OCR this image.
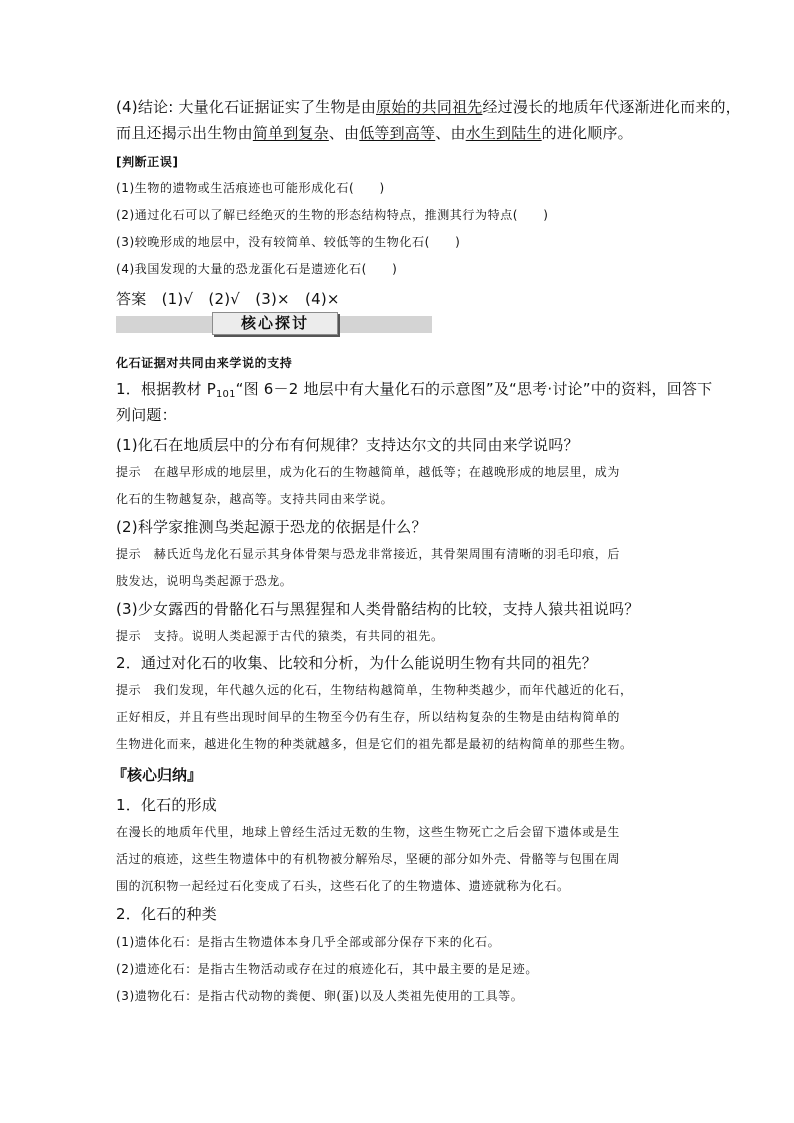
(4)结论: 大量化石证据证实了生物是由原始的共同祖先经过漫长的地质年代逐渐进化而来的，
而且还揭示出生物由简单到复杂、由低等到高等、由水生到陆生的进化顺序。
[判断正误]
(1)生物的遗物或生活痕迹也可能形成化石(　　)
(2)通过化石可以了解已经绝灭的生物的形态结构特点，推测其行为特点(　　)
(3)较晚形成的地层中，没有较简单、较低等的生物化石(　　)
(4)我国发现的大量的恐龙蛋化石是遗迹化石(　　)
答案　(1)√　(2)√　(3)×　(4)×
核心探讨
化石证据对共同由来学说的支持
1．根据教材 $P_{101}“$图 6－2 地层中有大量化石的示意图”及“思考·讨论”中的资料，回答下
列问题：
(1)化石在地质层中的分布有何规律？支持达尔文的共同由来学说吗？
提示　在越早形成的地层里，成为化石的生物越简单，越低等；在越晚形成的地层里，成为
化石的生物越复杂，越高等。支持共同由来学说。
(2)科学家推测鸟类起源于恐龙的依据是什么？
提示　赫氏近鸟龙化石显示其身体骨架与恐龙非常接近，其骨架周围有清晰的羽毛印痕，后
肢发达，说明鸟类起源于恐龙。
(3)少女露西的骨骼化石与黑猩猩和人类骨骼结构的比较，支持人猿共祖说吗？
提示　支持。说明人类起源于古代的猿类，有共同的祖先。
2．通过对化石的收集、比较和分析，为什么能说明生物有共同的祖先？
提示　我们发现，年代越久远的化石，生物结构越简单，生物种类越少，而年代越近的化石，
正好相反，并且有些出现时间早的生物至今仍有生存，所以结构复杂的生物是由结构简单的
生物进化而来，越进化生物的种类就越多，但是它们的祖先都是最初的结构简单的那些生物。
『核心归纳』
1．化石的形成
在漫长的地质年代里，地球上曾经生活过无数的生物，这些生物死亡之后会留下遗体或是生
活过的痕迹，这些生物遗体中的有机物被分解殆尽，坚硬的部分如外壳、骨骼等与包围在周
围的沉积物一起经过石化变成了石头，这些石化了的生物遗体、遗迹就称为化石。
2．化石的种类
(1)遗体化石：是指古生物遗体本身几乎全部或部分保存下来的化石。
(2)遗迹化石：是指古生物活动或存在过的痕迹化石，其中最主要的是足迹。
(3)遗物化石：是指古代动物的粪便、卵(蛋)以及人类祖先使用的工具等。
